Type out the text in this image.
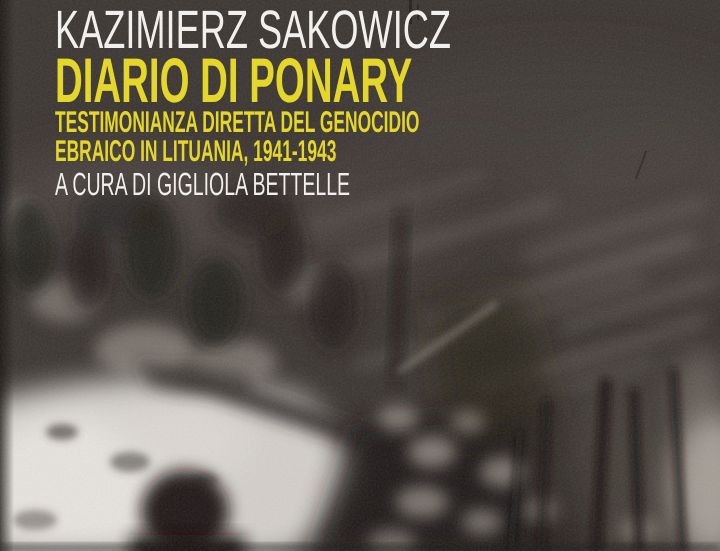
KAZIMIERZ SAKOWICZ
DIARIO DI PONARY
TESTIMONIANZA DIRETTA DEL GENOCIDIO
EBRAICO IN LITUANIA, 1941-1943
A CURA DI GIGLIOLA BETTELLE
